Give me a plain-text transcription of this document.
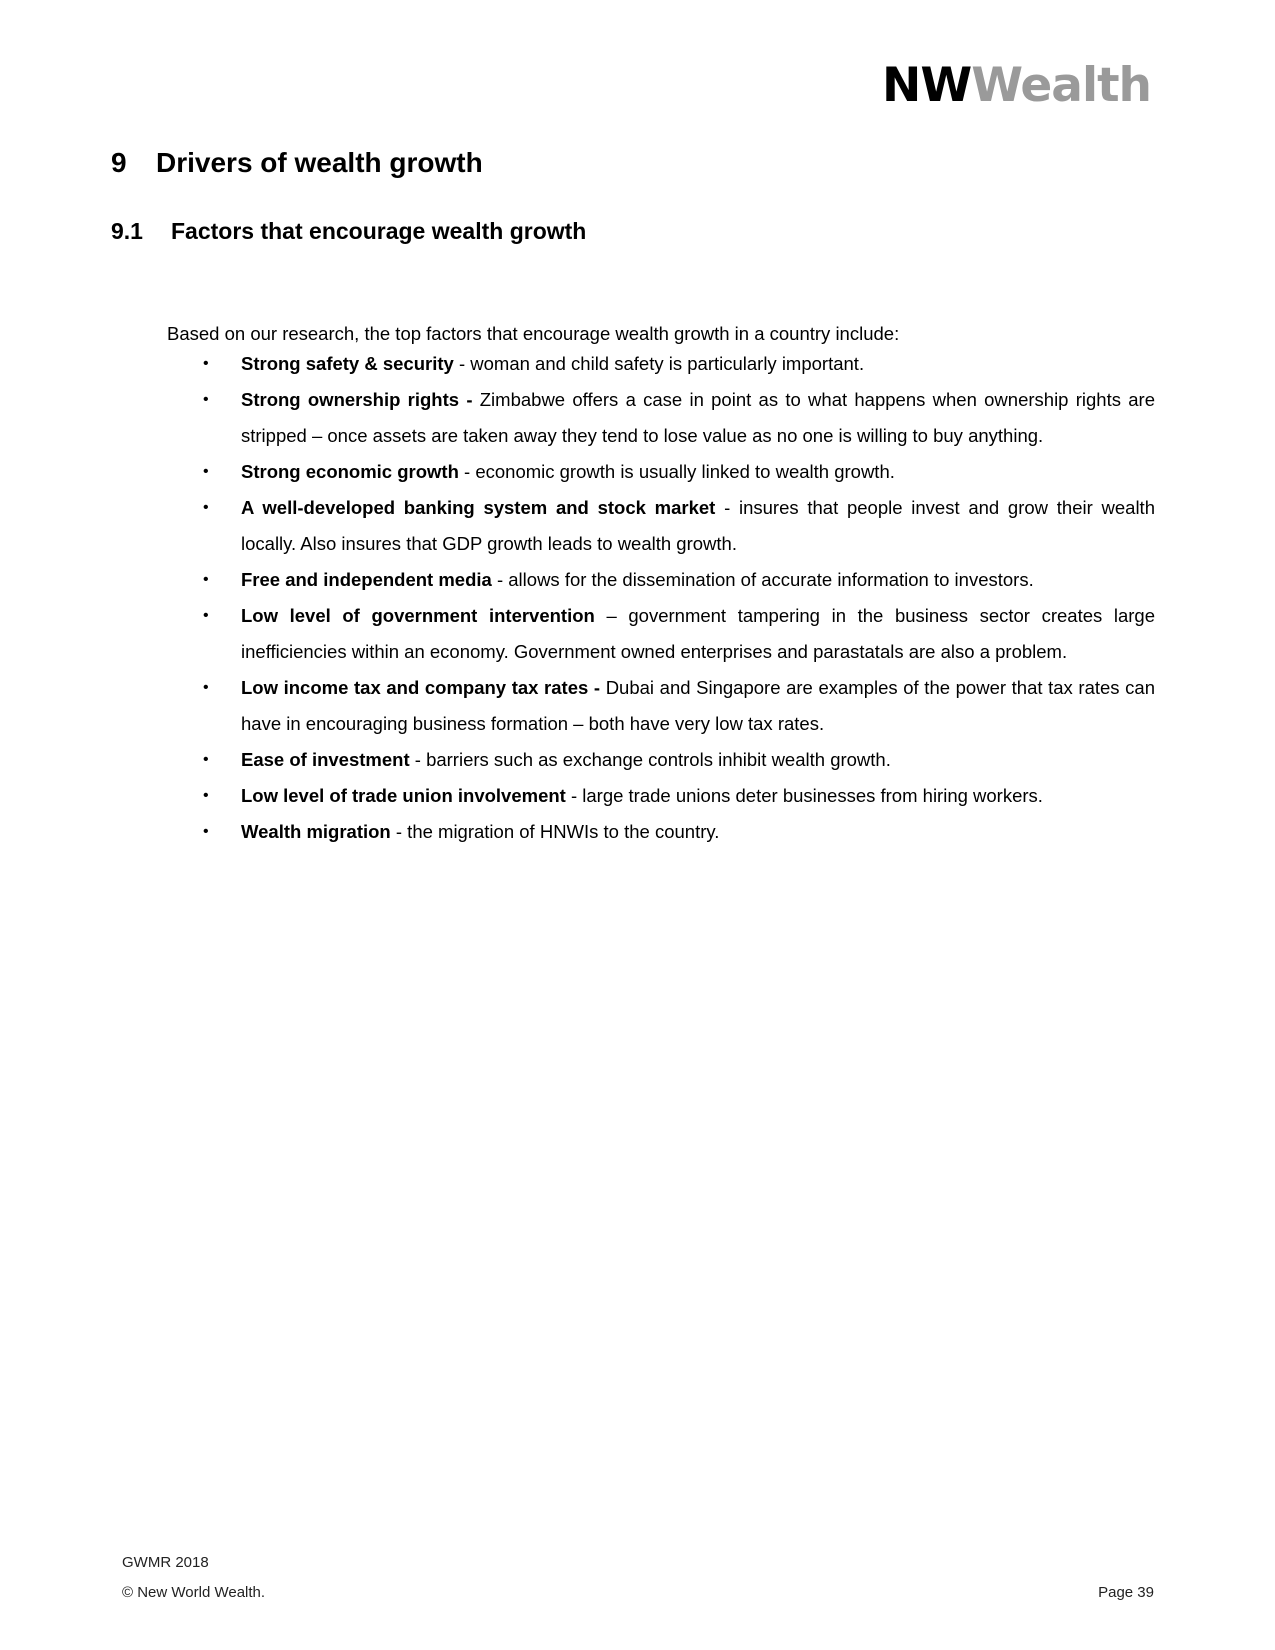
NWWealth
9 Drivers of wealth growth
9.1 Factors that encourage wealth growth

Based on our research, the top factors that encourage wealth growth in a country include:

• Strong safety & security - woman and child safety is particularly important.
• Strong ownership rights - Zimbabwe offers a case in point as to what happens when ownership rights are stripped – once assets are taken away they tend to lose value as no one is willing to buy anything.
• Strong economic growth - economic growth is usually linked to wealth growth.
• A well-developed banking system and stock market - insures that people invest and grow their wealth locally. Also insures that GDP growth leads to wealth growth.
• Free and independent media - allows for the dissemination of accurate information to investors.
• Low level of government intervention – government tampering in the business sector creates large inefficiencies within an economy. Government owned enterprises and parastatals are also a problem.
• Low income tax and company tax rates - Dubai and Singapore are examples of the power that tax rates can have in encouraging business formation – both have very low tax rates.
• Ease of investment - barriers such as exchange controls inhibit wealth growth.
• Low level of trade union involvement - large trade unions deter businesses from hiring workers.
• Wealth migration - the migration of HNWIs to the country.
GWMR 2018
© New World Wealth.	Page 39
